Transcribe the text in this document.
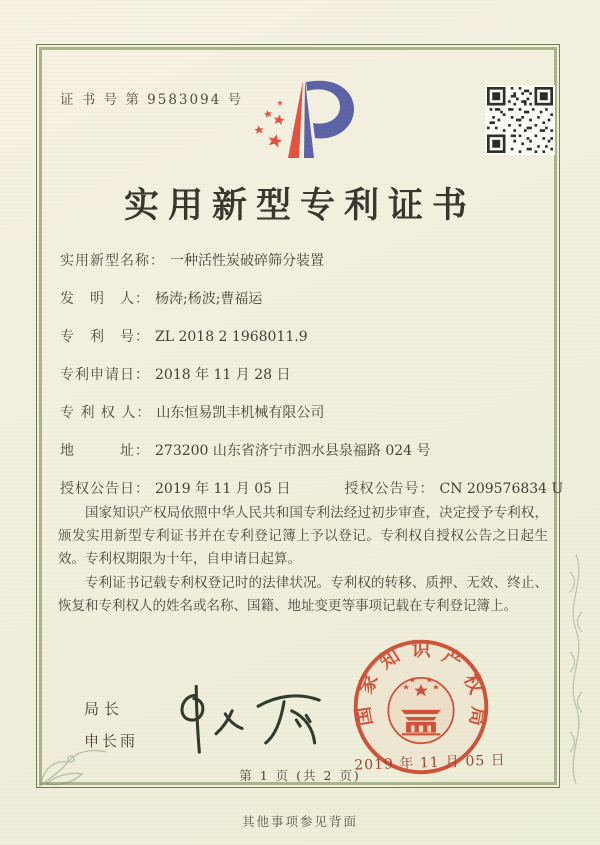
证 书 号 第 9583094 号
实用新型专利证书
实用新型名称： 一种活性炭破碎筛分装置
发　明　人： 杨涛;杨波;曹福运
专　利　号： ZL 2018 2 1968011.9
专利申请日： 2018 年 11 月 28 日
专 利 权 人： 山东恒易凯丰机械有限公司
地　　　址： 273200 山东省济宁市泗水县泉福路 024 号
授权公告日： 2019 年 11 月 05 日	授权公告号： CN 209576834 U

国家知识产权局依照中华人民共和国专利法经过初步审查，决定授予专利权，颁发实用新型专利证书并在专利登记簿上予以登记。专利权自授权公告之日起生效。专利权期限为十年，自申请日起算。

专利证书记载专利权登记时的法律状况。专利权的转移、质押、无效、终止、恢复和专利权人的姓名或名称、国籍、地址变更等事项记载在专利登记簿上。

局长
申长雨
国家知识产权局
2019 年 11 月 05 日
第 1 页 (共 2 页)
其他事项参见背面
